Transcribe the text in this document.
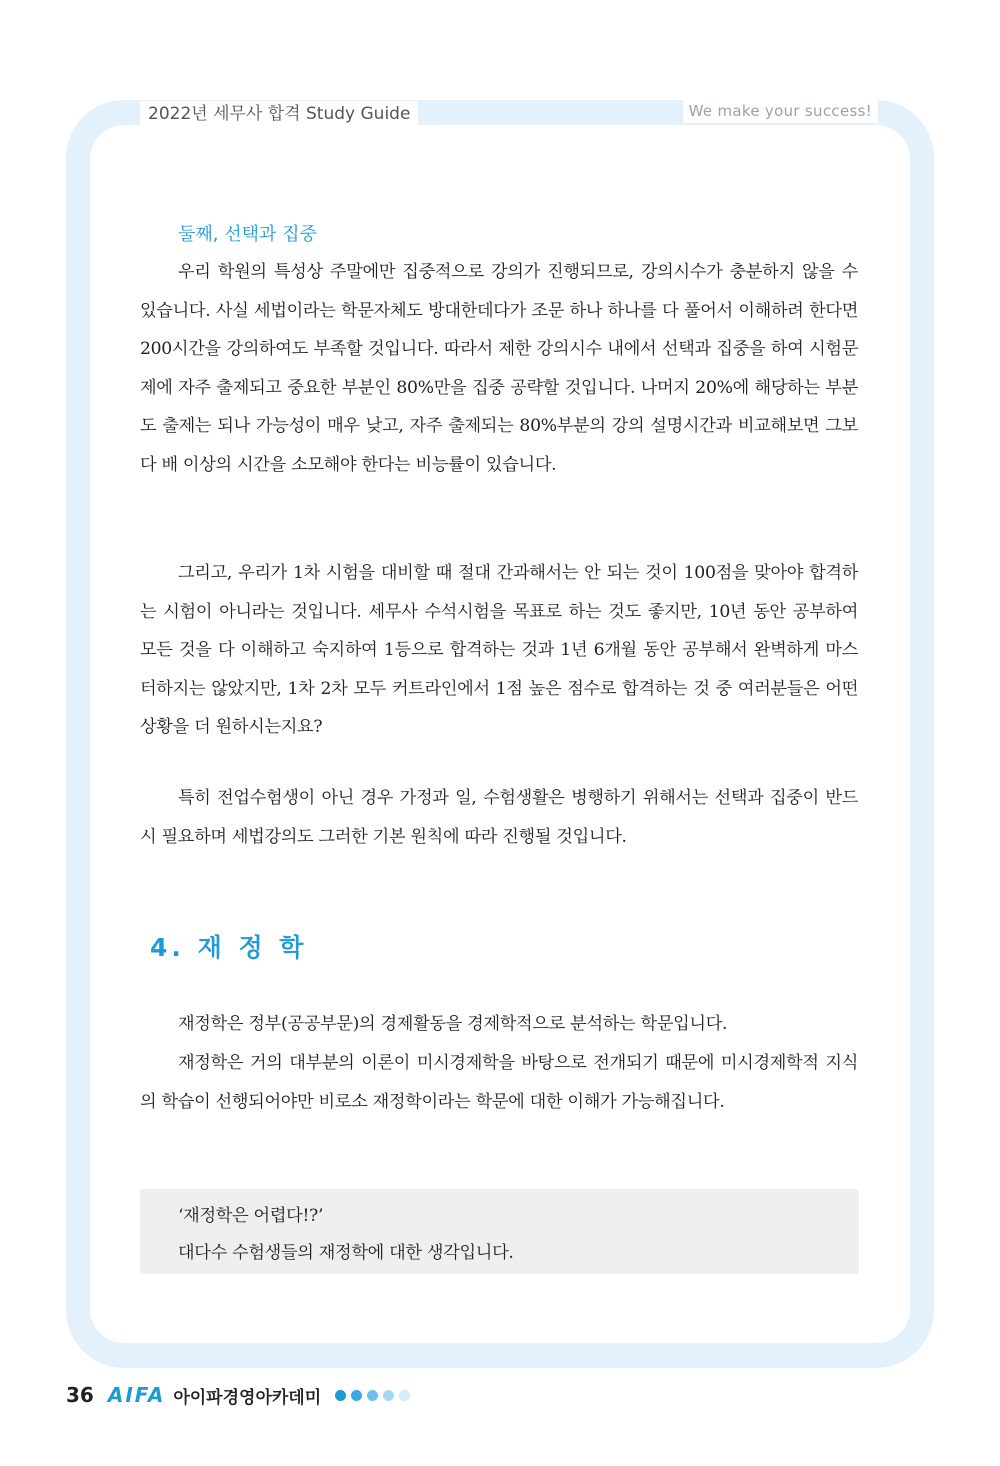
2022년 세무사 합격 Study Guide	We make your success!
둘째, 선택과 집중
우리 학원의 특성상 주말에만 집중적으로 강의가 진행되므로, 강의시수가 충분하지 않을 수 있습니다. 사실 세법이라는 학문자체도 방대한데다가 조문 하나 하나를 다 풀어서 이해하려 한다면 200시간을 강의하여도 부족할 것입니다. 따라서 제한 강의시수 내에서 선택과 집중을 하여 시험문제에 자주 출제되고 중요한 부분인 80%만을 집중 공략할 것입니다. 나머지 20%에 해당하는 부분도 출제는 되나 가능성이 매우 낮고, 자주 출제되는 80%부분의 강의 설명시간과 비교해보면 그보다 배 이상의 시간을 소모해야 한다는 비능률이 있습니다.
그리고, 우리가 1차 시험을 대비할 때 절대 간과해서는 안 되는 것이 100점을 맞아야 합격하는 시험이 아니라는 것입니다. 세무사 수석시험을 목표로 하는 것도 좋지만, 10년 동안 공부하여 모든 것을 다 이해하고 숙지하여 1등으로 합격하는 것과 1년 6개월 동안 공부해서 완벽하게 마스터하지는 않았지만, 1차 2차 모두 커트라인에서 1점 높은 점수로 합격하는 것 중 여러분들은 어떤 상황을 더 원하시는지요?
특히 전업수험생이 아닌 경우 가정과 일, 수험생활은 병행하기 위해서는 선택과 집중이 반드시 필요하며 세법강의도 그러한 기본 원칙에 따라 진행될 것입니다.
4. 재 정 학
재정학은 정부(공공부문)의 경제활동을 경제학적으로 분석하는 학문입니다.
재정학은 거의 대부분의 이론이 미시경제학을 바탕으로 전개되기 때문에 미시경제학적 지식의 학습이 선행되어야만 비로소 재정학이라는 학문에 대한 이해가 가능해집니다.
‘재정학은 어렵다!?’
대다수 수험생들의 재정학에 대한 생각입니다.
36 AIFA 아이파경영아카데미
